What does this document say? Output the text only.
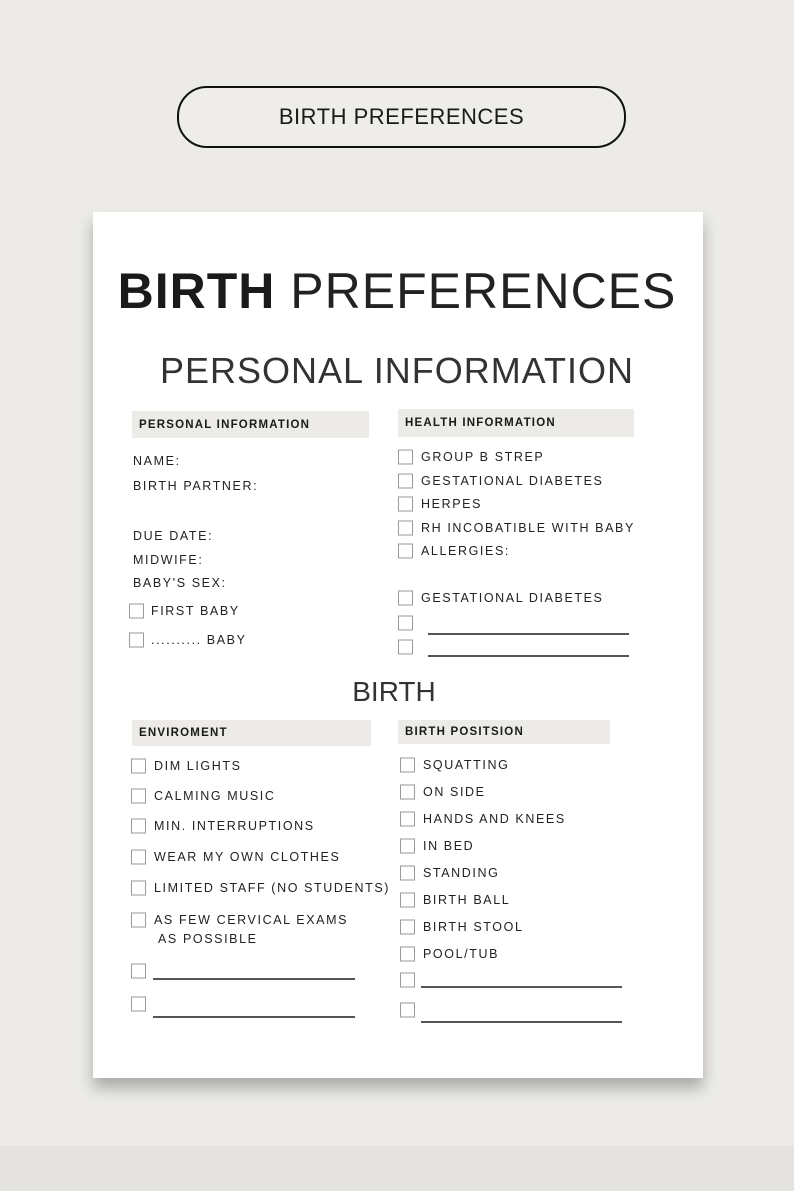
BIRTH PREFERENCES
BIRTH PREFERENCES
PERSONAL INFORMATION
BIRTH
PERSONAL INFORMATION	HEALTH INFORMATION
ENVIROMENT	BIRTH POSITSION
NAME:
BIRTH PARTNER:
DUE DATE:
MIDWIFE:
BABY'S SEX:
FIRST BABY
.......... BABY
GROUP B STREP
GESTATIONAL DIABETES
HERPES
RH INCOBATIBLE WITH BABY
ALLERGIES:
GESTATIONAL DIABETES
DIM LIGHTS
CALMING MUSIC
MIN. INTERRUPTIONS
WEAR MY OWN CLOTHES
LIMITED STAFF (NO STUDENTS)
AS FEW CERVICAL EXAMS
AS POSSIBLE
SQUATTING
ON SIDE
HANDS AND KNEES
IN BED
STANDING
BIRTH BALL
BIRTH STOOL
POOL/TUB
